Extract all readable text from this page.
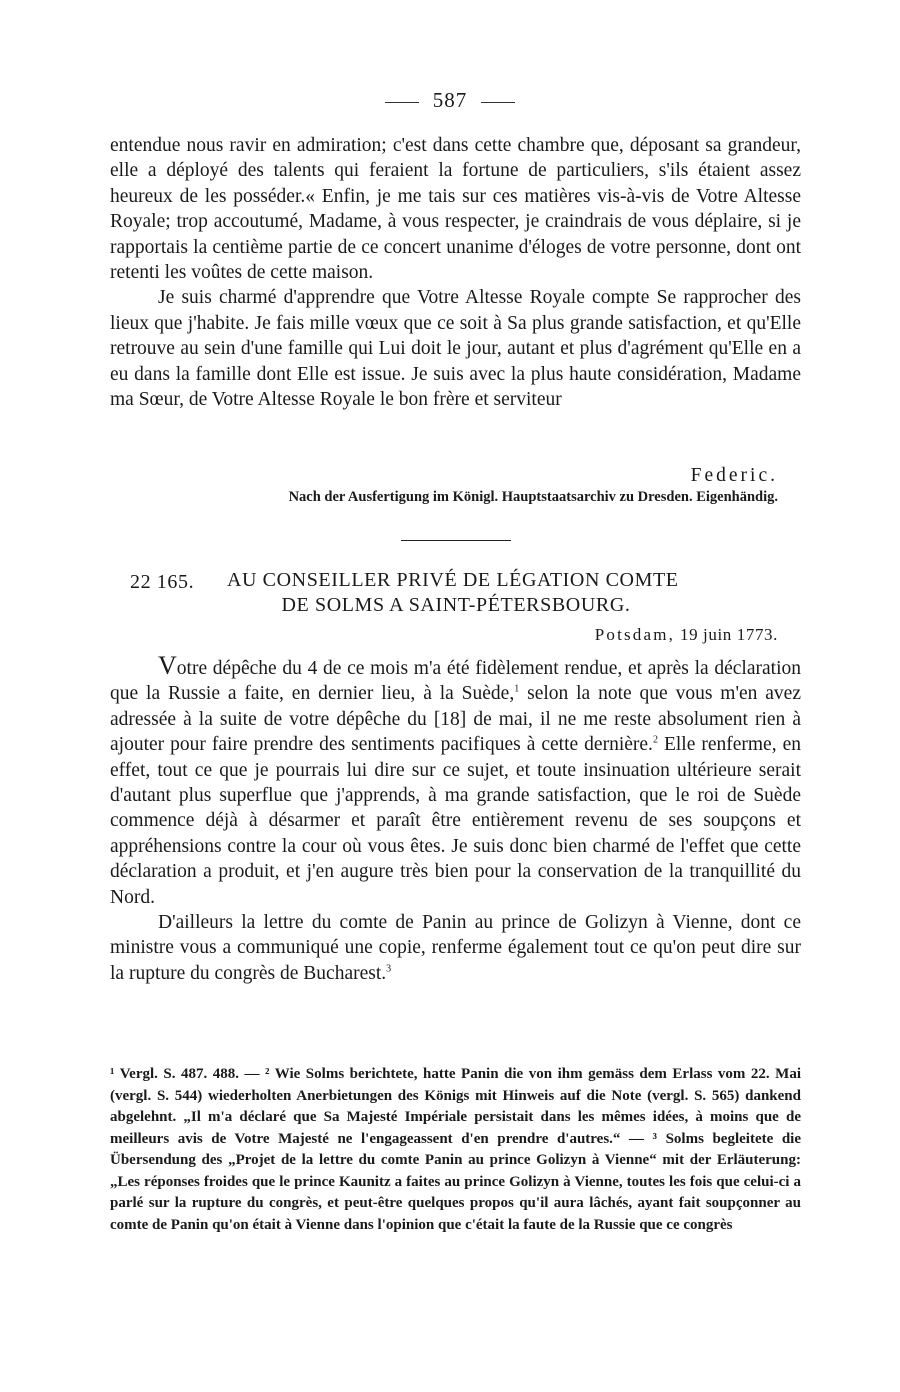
587

entendue nous ravir en admiration; c'est dans cette chambre que, déposant sa grandeur, elle a déployé des talents qui feraient la fortune de particuliers, s'ils étaient assez heureux de les posséder.« Enfin, je me tais sur ces matières vis-à-vis de Votre Altesse Royale; trop accoutumé, Madame, à vous respecter, je craindrais de vous déplaire, si je rapportais la centième partie de ce concert unanime d'éloges de votre personne, dont ont retenti les voûtes de cette maison.

Je suis charmé d'apprendre que Votre Altesse Royale compte Se rapprocher des lieux que j'habite. Je fais mille vœux que ce soit à Sa plus grande satisfaction, et qu'Elle retrouve au sein d'une famille qui Lui doit le jour, autant et plus d'agrément qu'Elle en a eu dans la famille dont Elle est issue. Je suis avec la plus haute considération, Madame ma Sœur, de Votre Altesse Royale le bon frère et serviteur

Federic.
Nach der Ausfertigung im Königl. Hauptstaatsarchiv zu Dresden. Eigenhändig.
22 165. AU CONSEILLER PRIVÉ DE LÉGATION COMTE
DE SOLMS A SAINT-PÉTERSBOURG.
Potsdam, 19 juin 1773.

Votre dépêche du 4 de ce mois m'a été fidèlement rendue, et après la déclaration que la Russie a faite, en dernier lieu, à la Suède,$^1$ selon la note que vous m'en avez adressée à la suite de votre dépêche du [18] de mai, il ne me reste absolument rien à ajouter pour faire prendre des sentiments pacifiques à cette dernière.$^2$ Elle renferme, en effet, tout ce que je pourrais lui dire sur ce sujet, et toute insinuation ultérieure serait d'autant plus superflue que j'apprends, à ma grande satisfaction, que le roi de Suède commence déjà à désarmer et paraît être entièrement revenu de ses soupçons et appréhensions contre la cour où vous êtes. Je suis donc bien charmé de l'effet que cette déclaration a produit, et j'en augure très bien pour la conservation de la tranquillité du Nord.

D'ailleurs la lettre du comte de Panin au prince de Golizyn à Vienne, dont ce ministre vous a communiqué une copie, renferme également tout ce qu'on peut dire sur la rupture du congrès de Bucharest.$^3$

¹ Vergl. S. 487. 488. — ² Wie Solms berichtete, hatte Panin die von ihm gemäss dem Erlass vom 22. Mai (vergl. S. 544) wiederholten Anerbietungen des Königs mit Hinweis auf die Note (vergl. S. 565) dankend abgelehnt. „Il m'a déclaré que Sa Majesté Impériale persistait dans les mêmes idées, à moins que de meilleurs avis de Votre Majesté ne l'engageassent d'en prendre d'autres.“ — ³ Solms begleitete die Übersendung des „Projet de la lettre du comte Panin au prince Golizyn à Vienne“ mit der Erläuterung: „Les réponses froides que le prince Kaunitz a faites au prince Golizyn à Vienne, toutes les fois que celui-ci a parlé sur la rupture du congrès, et peut-être quelques propos qu'il aura lâchés, ayant fait soupçonner au comte de Panin qu'on était à Vienne dans l'opinion que c'était la faute de la Russie que ce congrès
